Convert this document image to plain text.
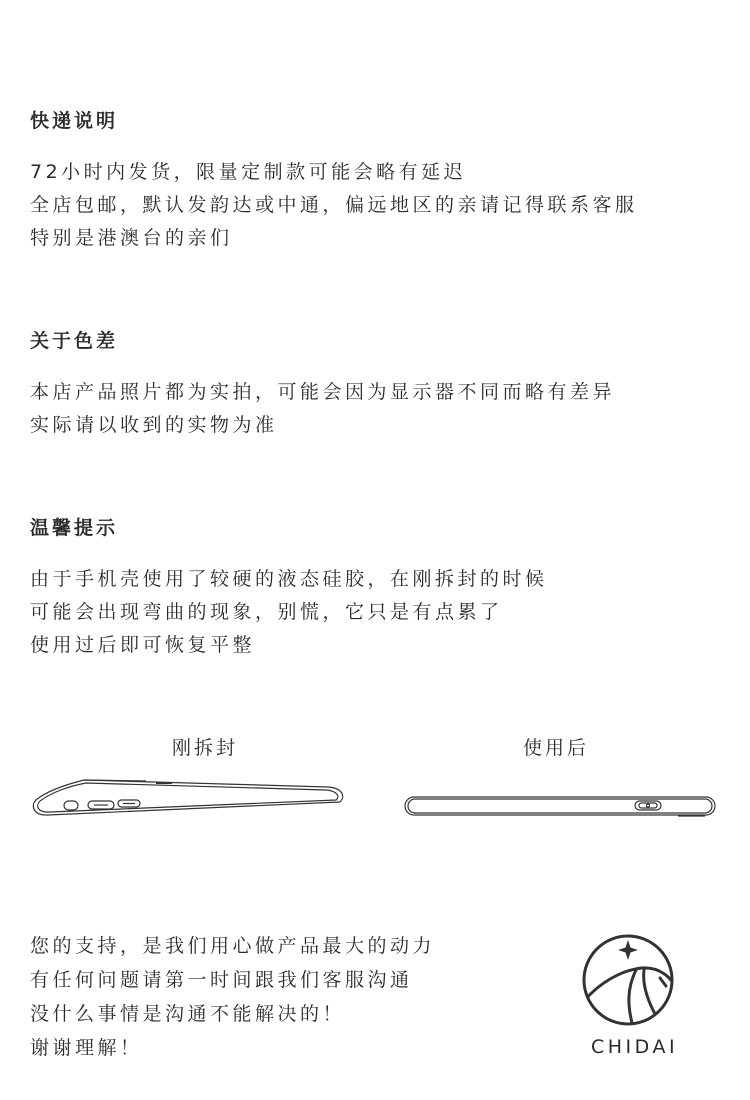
快递说明
72小时内发货，限量定制款可能会略有延迟
全店包邮，默认发韵达或中通，偏远地区的亲请记得联系客服
特别是港澳台的亲们
关于色差
本店产品照片都为实拍，可能会因为显示器不同而略有差异
实际请以收到的实物为准
温馨提示
由于手机壳使用了较硬的液态硅胶，在刚拆封的时候
可能会出现弯曲的现象，别慌，它只是有点累了
使用过后即可恢复平整
刚拆封	使用后
您的支持，是我们用心做产品最大的动力
有任何问题请第一时间跟我们客服沟通
没什么事情是沟通不能解决的！
谢谢理解！	CHIDAI
